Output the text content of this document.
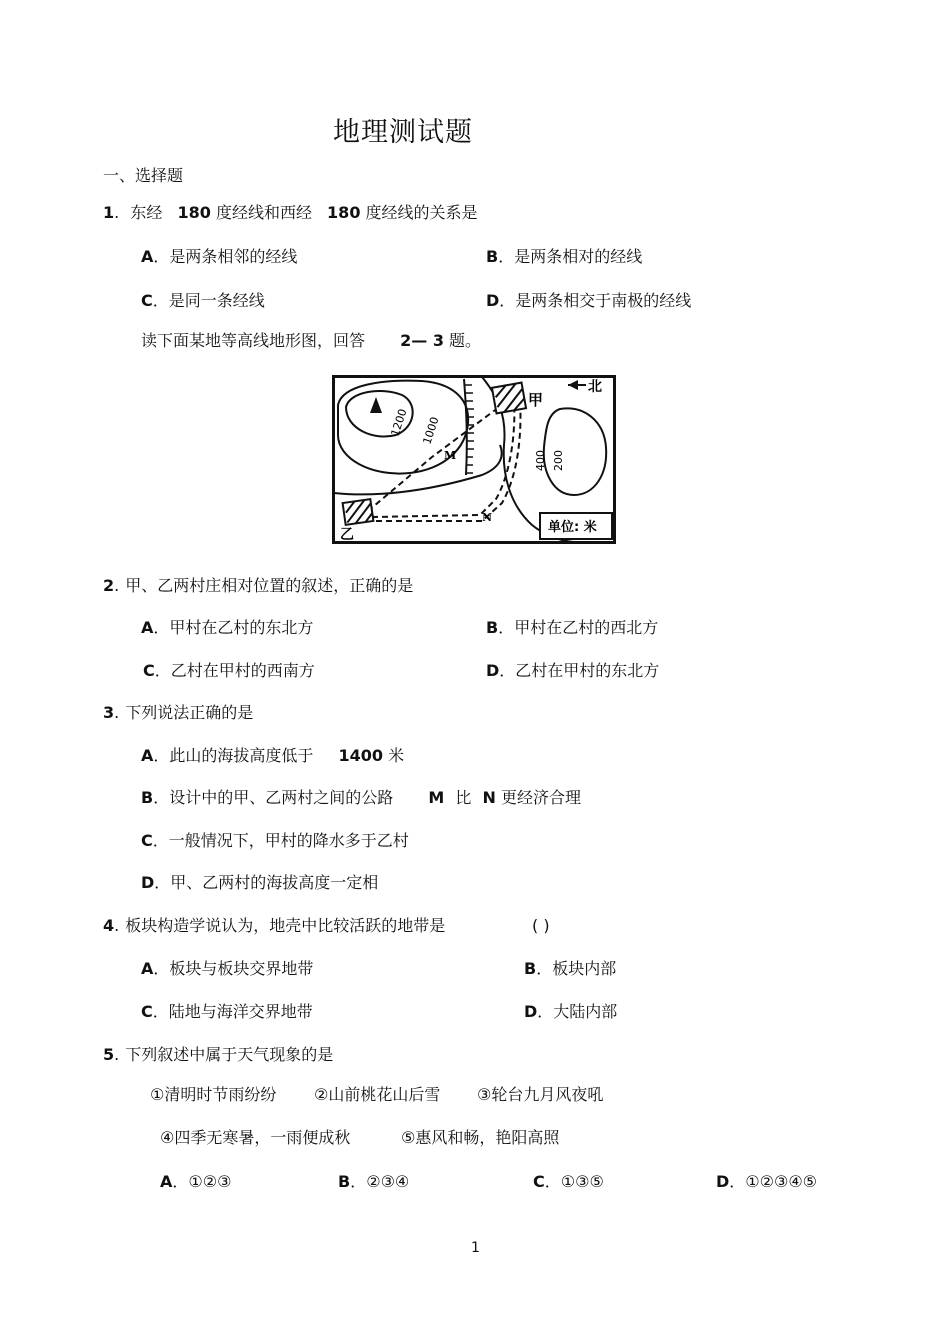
地理测试题
一、选择题
1. 东经 180 度经线和西经 180 度经线的关系是
A．是两条相邻的经线	B．是两条相对的经线
C．是同一条经线	D．是两条相交于南极的经线
读下面某地等高线地形图，回答 2— 3 题。
北
甲
乙
M
N
1200 1000
400 200
单位: 米
2. 甲、乙两村庄相对位置的叙述，正确的是
A．甲村在乙村的东北方	B．甲村在乙村的西北方
C．乙村在甲村的西南方	D．乙村在甲村的东北方
3. 下列说法正确的是
A．此山的海拔高度低于 1400 米
B．设计中的甲、乙两村之间的公路 M 比 N 更经济合理
C．一般情况下，甲村的降水多于乙村
D．甲、乙两村的海拔高度一定相
4. 板块构造学说认为，地壳中比较活跃的地带是	( )
A．板块与板块交界地带	B．板块内部
C．陆地与海洋交界地带	D．大陆内部
5. 下列叙述中属于天气现象的是
①清明时节雨纷纷 ②山前桃花山后雪 ③轮台九月风夜吼
④四季无寒暑，一雨便成秋	⑤惠风和畅，艳阳高照
A．①②③	B．②③④	C．①③⑤	D．①②③④⑤
1
